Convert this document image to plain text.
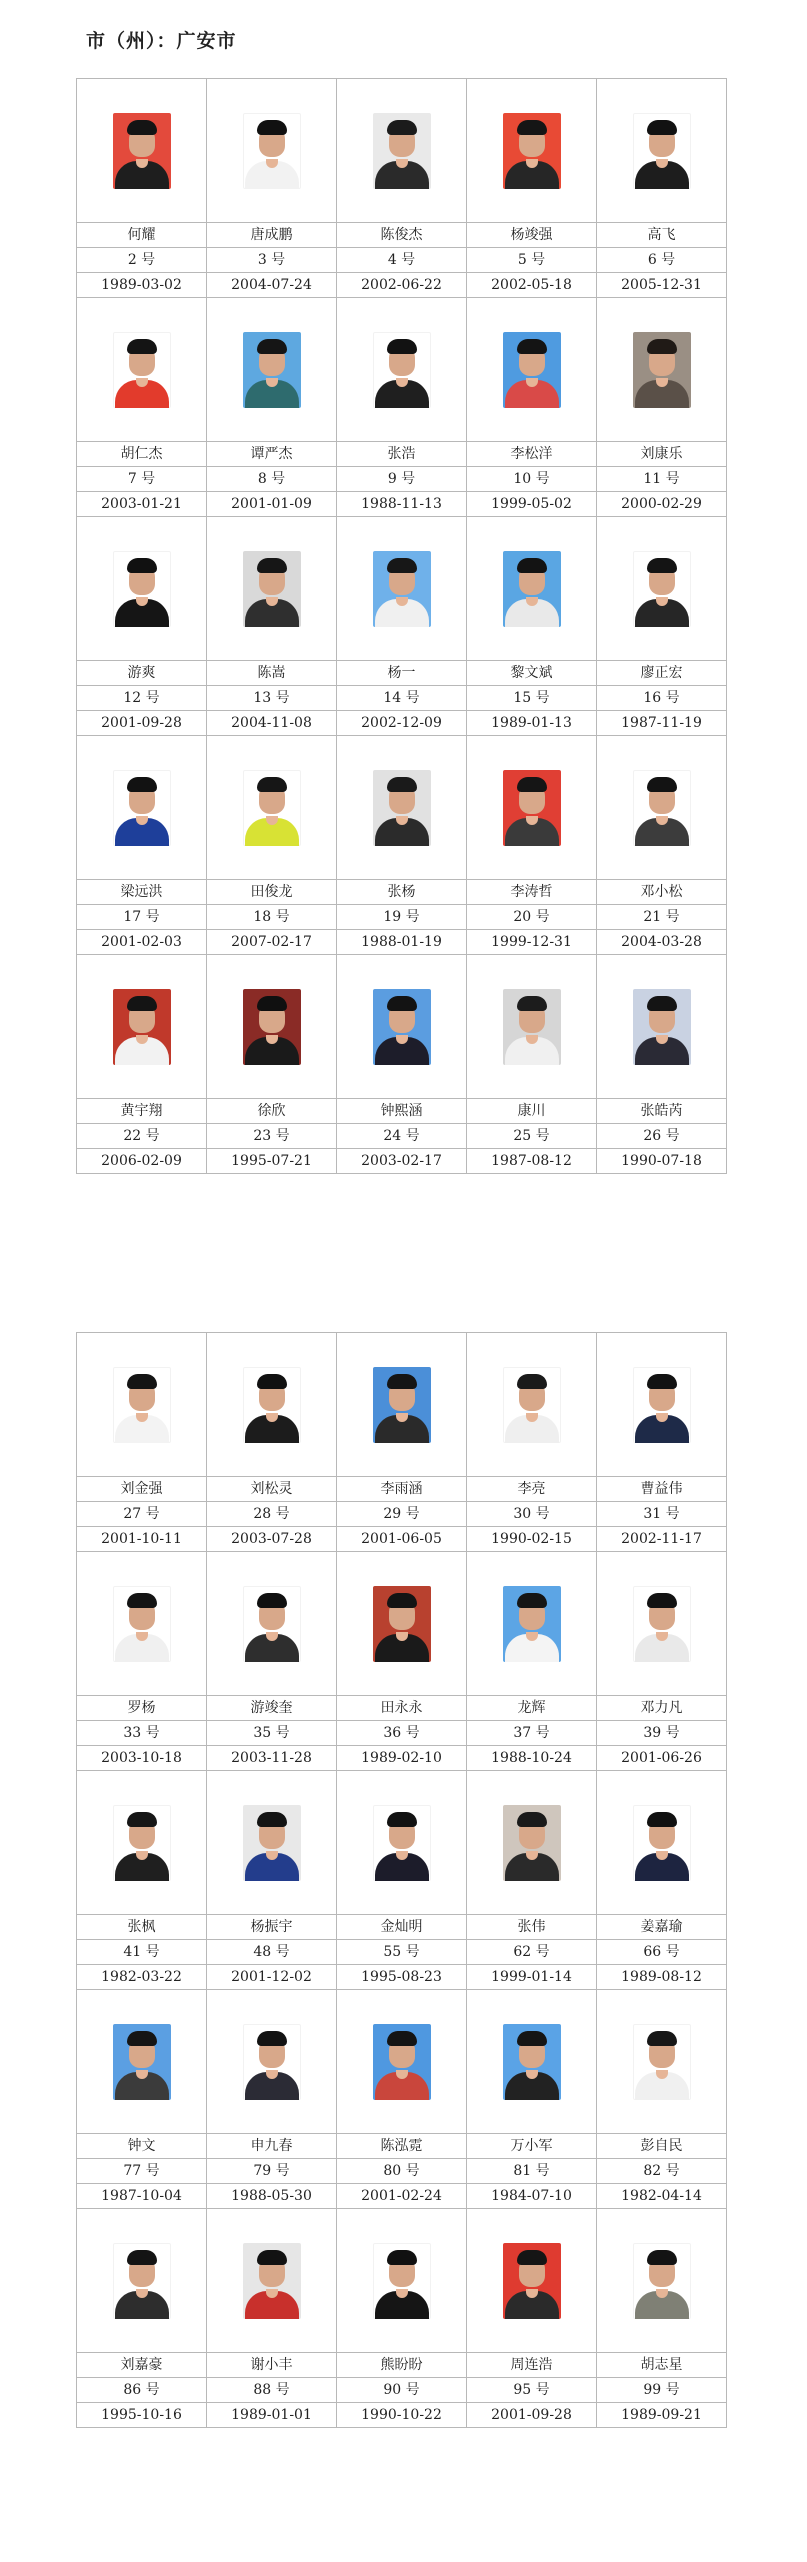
市（州）：广安市

何耀	唐成鹏	陈俊杰	杨竣强	高飞
2 号	3 号	4 号	5 号	6 号
1989-03-02	2004-07-24	2002-06-22	2002-05-18	2005-12-31

胡仁杰	谭严杰	张浩	李松洋	刘康乐
7 号	8 号	9 号	10 号	11 号
2003-01-21	2001-01-09	1988-11-13	1999-05-02	2000-02-29

游爽	陈嵩	杨一	黎文斌	廖正宏
12 号	13 号	14 号	15 号	16 号
2001-09-28	2004-11-08	2002-12-09	1989-01-13	1987-11-19

梁远洪	田俊龙	张杨	李涛哲	邓小松
17 号	18 号	19 号	20 号	21 号
2001-02-03	2007-02-17	1988-01-19	1999-12-31	2004-03-28

黄宇翔	徐欣	钟熙涵	康川	张皓芮
22 号	23 号	24 号	25 号	26 号
2006-02-09	1995-07-21	2003-02-17	1987-08-12	1990-07-18

刘金强	刘松灵	李雨涵	李亮	曹益伟
27 号	28 号	29 号	30 号	31 号
2001-10-11	2003-07-28	2001-06-05	1990-02-15	2002-11-17

罗杨	游竣奎	田永永	龙辉	邓力凡
33 号	35 号	36 号	37 号	39 号
2003-10-18	2003-11-28	1989-02-10	1988-10-24	2001-06-26

张枫	杨振宇	金灿明	张伟	姜嘉瑜
41 号	48 号	55 号	62 号	66 号
1982-03-22	2001-12-02	1995-08-23	1999-01-14	1989-08-12

钟文	申九春	陈泓霓	万小军	彭自民
77 号	79 号	80 号	81 号	82 号
1987-10-04	1988-05-30	2001-02-24	1984-07-10	1982-04-14

刘嘉豪	谢小丰	熊盼盼	周连浩	胡志星
86 号	88 号	90 号	95 号	99 号
1995-10-16	1989-01-01	1990-10-22	2001-09-28	1989-09-21
